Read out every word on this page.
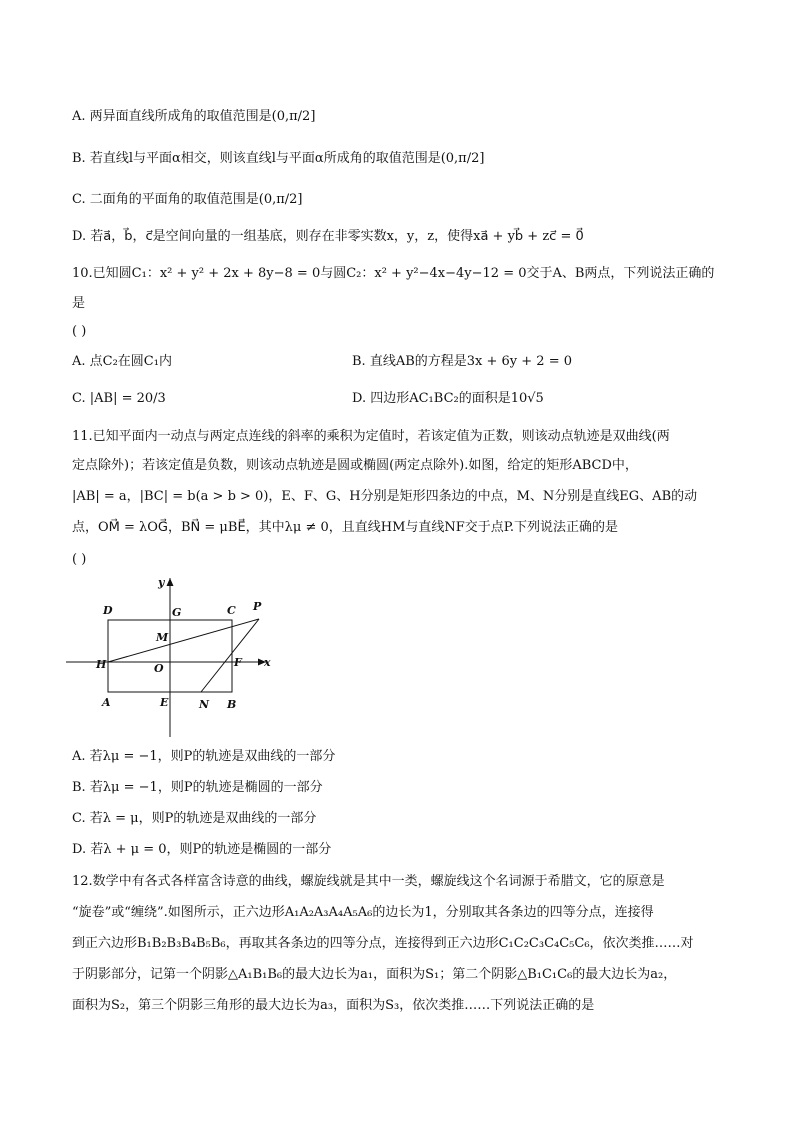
A. 两异面直线所成角的取值范围是(0,π/2]
B. 若直线l与平面α相交，则该直线l与平面α所成角的取值范围是(0,π/2]
C. 二面角的平面角的取值范围是(0,π/2]
D. 若a⃗，b⃗，c⃗是空间向量的一组基底，则存在非零实数x，y，z，使得xa⃗ + yb⃗ + zc⃗ = 0⃗
10.已知圆C₁：x² + y² + 2x + 8y−8 = 0与圆C₂：x² + y²−4x−4y−12 = 0交于A、B两点，下列说法正确的是
( )
A. 点C₂在圆C₁内	B. 直线AB的方程是3x + 6y + 2 = 0
C. |AB| = 20/3	D. 四边形AC₁BC₂的面积是10√5
11.已知平面内一动点与两定点连线的斜率的乘积为定值时，若该定值为正数，则该动点轨迹是双曲线(两
定点除外)；若该定值是负数，则该动点轨迹是圆或椭圆(两定点除外).如图，给定的矩形ABCD中，
|AB| = a，|BC| = b(a > b > 0)，E、F、G、H分别是矩形四条边的中点，M、N分别是直线EG、AB的动
点，OM⃗ = λOG⃗，BN⃗ = μBE⃗，其中λμ ≠ 0，且直线HM与直线NF交于点P.下列说法正确的是
( )
y
x
D	G	C P
M
H	O	F
A	E	N B
A. 若λμ = −1，则P的轨迹是双曲线的一部分
B. 若λμ = −1，则P的轨迹是椭圆的一部分
C. 若λ = μ，则P的轨迹是双曲线的一部分
D. 若λ + μ = 0，则P的轨迹是椭圆的一部分
12.数学中有各式各样富含诗意的曲线，螺旋线就是其中一类，螺旋线这个名词源于希腊文，它的原意是
“旋卷”或“缠绕”.如图所示，正六边形A₁A₂A₃A₄A₅A₆的边长为1，分别取其各条边的四等分点，连接得
到正六边形B₁B₂B₃B₄B₅B₆，再取其各条边的四等分点，连接得到正六边形C₁C₂C₃C₄C₅C₆，依次类推……对
于阴影部分，记第一个阴影△A₁B₁B₆的最大边长为a₁，面积为S₁；第二个阴影△B₁C₁C₆的最大边长为a₂，
面积为S₂，第三个阴影三角形的最大边长为a₃，面积为S₃，依次类推……下列说法正确的是
